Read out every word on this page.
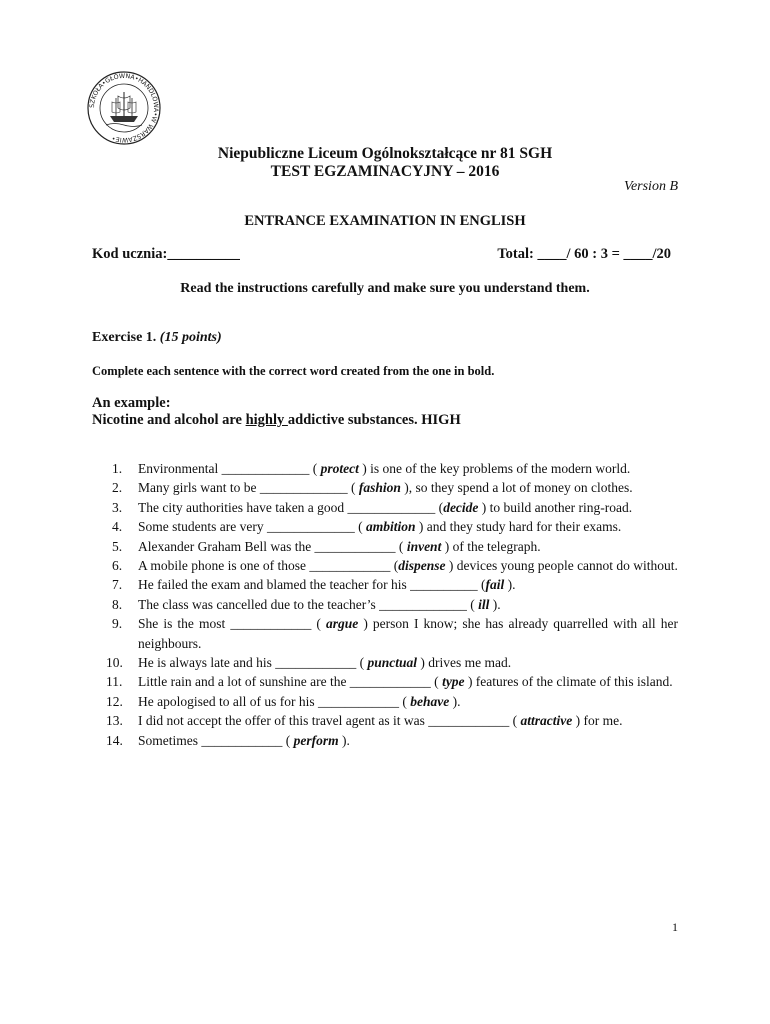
SZKOŁA•GŁÓWNA•HANDLOWA•W WARSZAWIE•
Niepubliczne Liceum Ogólnokształcące nr 81 SGH
TEST EGZAMINACYJNY – 2016
Version B
ENTRANCE EXAMINATION IN ENGLISH
Kod ucznia:__________	Total: ____/ 60 : 3 = ____/20
Read the instructions carefully and make sure you understand them.
Exercise 1. (15 points)
Complete each sentence with the correct word created from the one in bold.
An example:
Nicotine and alcohol are highly addictive substances. HIGH
1. Environmental _____________ ( protect ) is one of the key problems of the modern world.
2. Many girls want to be _____________ ( fashion ), so they spend a lot of money on clothes.
3. The city authorities have taken a good _____________ (decide ) to build another ring-road.
4. Some students are very _____________ ( ambition ) and they study hard for their exams.
5. Alexander Graham Bell was the ____________ ( invent ) of the telegraph.
6. A mobile phone is one of those ____________ (dispense ) devices young people cannot do without.
7. He failed the exam and blamed the teacher for his __________ (fail ).
8. The class was cancelled due to the teacher’s _____________ ( ill ).
9. She is the most ____________ ( argue ) person I know; she has already quarrelled with all her neighbours.
10. He is always late and his ____________ ( punctual ) drives me mad.
11. Little rain and a lot of sunshine are the ____________ ( type ) features of the climate of this island.
12. He apologised to all of us for his ____________ ( behave ).
13. I did not accept the offer of this travel agent as it was ____________ ( attractive ) for me.
14. Sometimes ____________ ( perform ).
1
